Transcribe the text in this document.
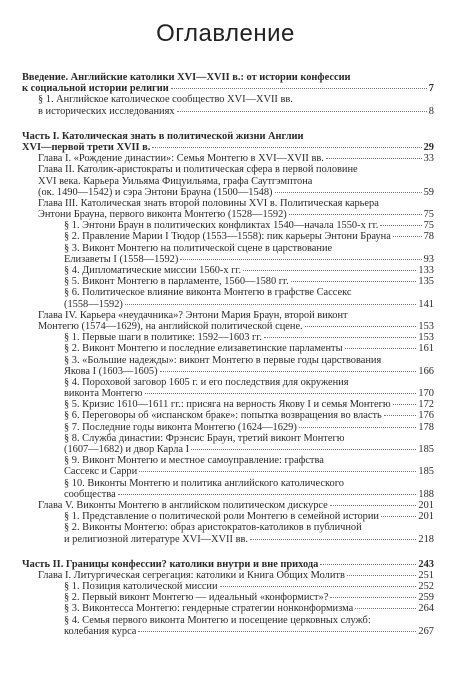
Оглавление
Введение. Английские католики XVI—XVII в.: от истории конфессии
к социальной истории религии	7
§ 1. Английское католическое сообщество XVI—XVII вв.
в исторических исследованиях	8
Часть I. Католическая знать в политической жизни Англии
XVI—первой трети XVII в.	29
Глава I. «Рождение династии»: Семья Монтегю в XVI—XVII вв.	33
Глава II. Католик-аристократы и политическая сфера в первой половине
XVI века. Карьера Уильяма Фицуильяма, графа Саутгэмптона
(ок. 1490—1542) и сэра Энтони Брауна (1500—1548)	59
Глава III. Католическая знать второй половины XVI в. Политическая карьера
Энтони Брауна, первого виконта Монтегю (1528—1592)	75
§ 1. Энтони Браун в политических конфликтах 1540—начала 1550-х гг.	75
§ 2. Правление Марии I Тюдор (1553—1558): пик карьеры Энтони Брауна	78
§ 3. Виконт Монтегю на политической сцене в царствование
Елизаветы I (1558—1592)	93
§ 4. Дипломатические миссии 1560-х гг.	133
§ 5. Виконт Монтегю в парламенте, 1560—1580 гг.	135
§ 6. Политическое влияние виконта Монтегю в графстве Сассекс
(1558—1592)	141
Глава IV. Карьера «неудачника»? Энтони Мария Браун, второй виконт
Монтегю (1574—1629), на английской политической сцене.	153
§ 1. Первые шаги в политике: 1592—1603 гг.	153
§ 2. Виконт Монтегю и последние елизаветинские парламенты	161
§ 3. «Большие надежды»: виконт Монтегю в первые годы царствования
Якова I (1603—1605)	166
§ 4. Пороховой заговор 1605 г. и его последствия для окружения
виконта Монтегю	170
§ 5. Кризис 1610—1611 гг.: присяга на верность Якову I и семья Монтегю	172
§ 6. Переговоры об «испанском браке»: попытка возвращения во власть	176
§ 7. Последние годы виконта Монтегю (1624—1629)	178
§ 8. Служба династии: Фрэнсис Браун, третий виконт Монтегю
(1607—1682) и двор Карла I	185
§ 9. Виконт Монтегю и местное самоуправление: графства
Сассекс и Сарри	185
§ 10. Виконты Монтегю и политика английского католического
сообщества	188
Глава V. Виконты Монтегю в английском политическом дискурсе	201
§ 1. Представление о политической роли Монтегю в семейной истории	201
§ 2. Виконты Монтегю: образ аристократов-католиков в публичной
и религиозной литературе XVI—XVII вв.	218
Часть II. Границы конфессии? католики внутри и вне прихода	243
Глава I. Литургическая сегрегация: католики и Книга Общих Молитв	251
§ 1. Позиция католической миссии	252
§ 2. Первый виконт Монтегю — идеальный «конформист»?	259
§ 3. Виконтесса Монтегю: гендерные стратегии нонконформизма	264
§ 4. Семья первого виконта Монтегю и посещение церковных служб:
колебания курса	267
